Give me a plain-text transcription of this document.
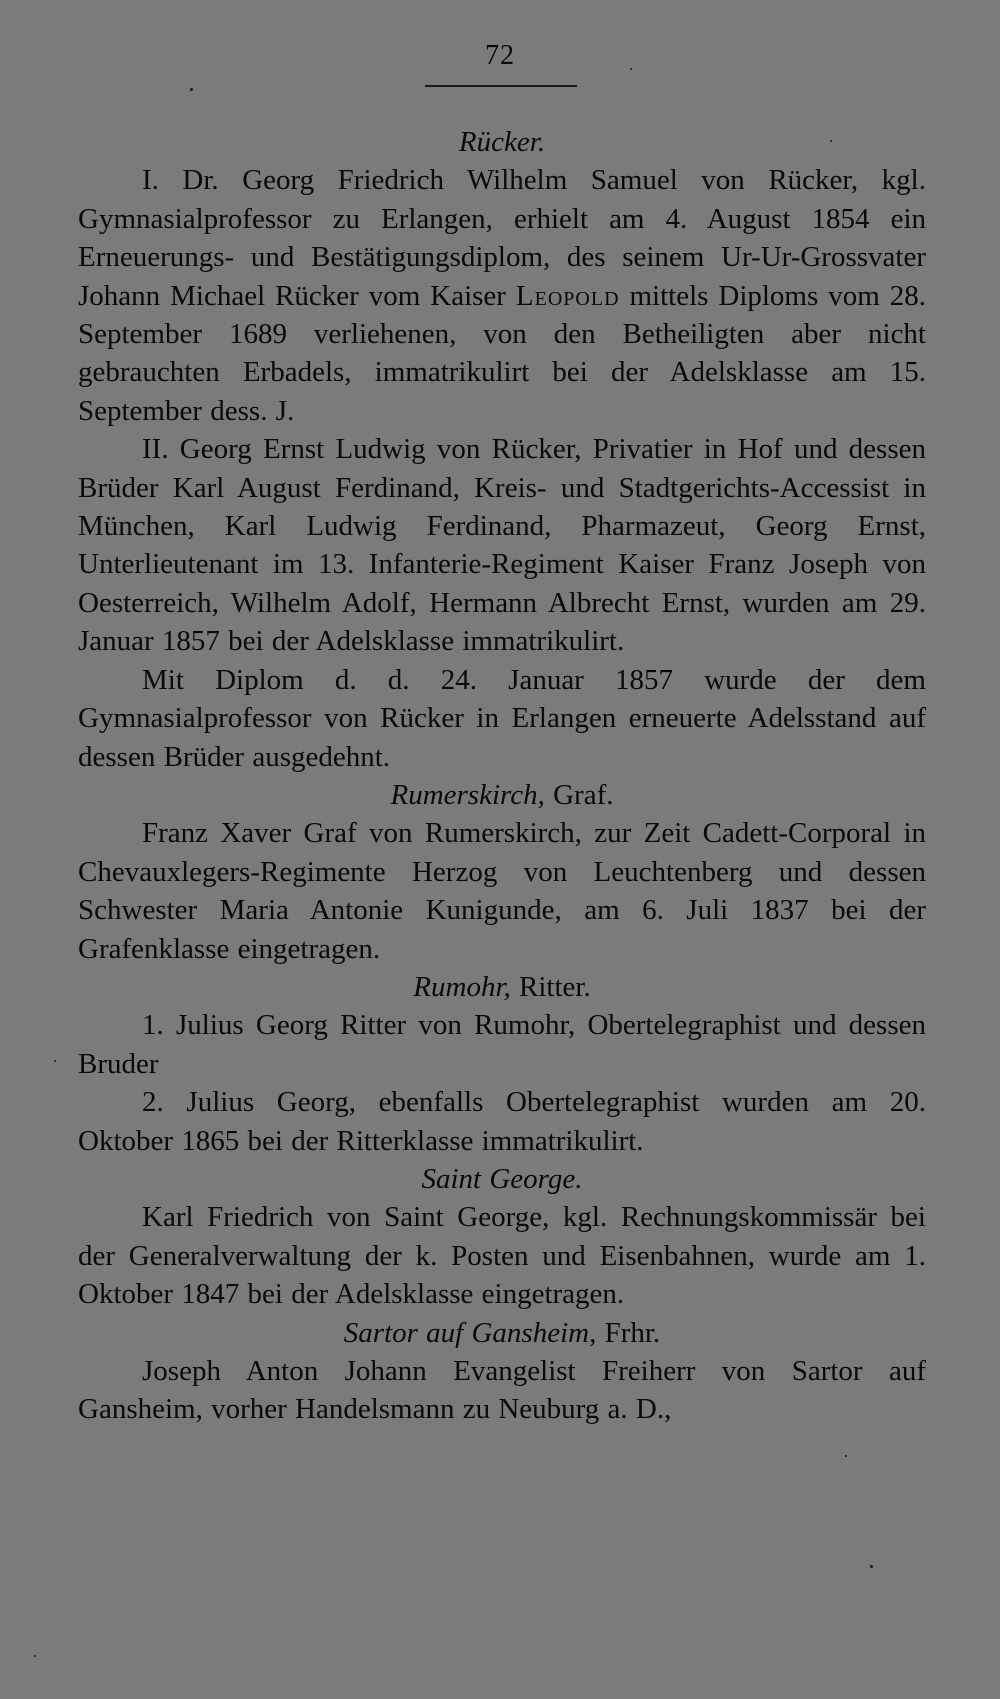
72

Rücker.

I. Dr. Georg Friedrich Wilhelm Samuel von Rücker, kgl. Gymnasialprofessor zu Erlangen, erhielt am 4. August 1854 ein Erneuerungs- und Bestätigungsdiplom, des seinem Ur-Ur-Grossvater Johann Michael Rücker vom Kaiser Leopold mittels Diploms vom 28. September 1689 verliehenen, von den Betheiligten aber nicht gebrauchten Erbadels, immatrikulirt bei der Adelsklasse am 15. September dess. J.

II. Georg Ernst Ludwig von Rücker, Privatier in Hof und dessen Brüder Karl August Ferdinand, Kreis- und Stadtgerichts-Accessist in München, Karl Ludwig Ferdinand, Pharmazeut, Georg Ernst, Unterlieutenant im 13. Infanterie-Regiment Kaiser Franz Joseph von Oesterreich, Wilhelm Adolf, Hermann Albrecht Ernst, wurden am 29. Januar 1857 bei der Adelsklasse immatrikulirt.

Mit Diplom d. d. 24. Januar 1857 wurde der dem Gymnasialprofessor von Rücker in Erlangen erneuerte Adelsstand auf dessen Brüder ausgedehnt.

Rumerskirch, Graf.

Franz Xaver Graf von Rumerskirch, zur Zeit Cadett-Corporal in Chevauxlegers-Regimente Herzog von Leuchtenberg und dessen Schwester Maria Antonie Kunigunde, am 6. Juli 1837 bei der Grafenklasse eingetragen.

Rumohr, Ritter.

1. Julius Georg Ritter von Rumohr, Obertelegraphist und dessen Bruder

2. Julius Georg, ebenfalls Obertelegraphist wurden am 20. Oktober 1865 bei der Ritterklasse immatrikulirt.

Saint George.

Karl Friedrich von Saint George, kgl. Rechnungskommissär bei der Generalverwaltung der k. Posten und Eisenbahnen, wurde am 1. Oktober 1847 bei der Adelsklasse eingetragen.

Sartor auf Gansheim, Frhr.

Joseph Anton Johann Evangelist Freiherr von Sartor auf Gansheim, vorher Handelsmann zu Neuburg a. D.,
